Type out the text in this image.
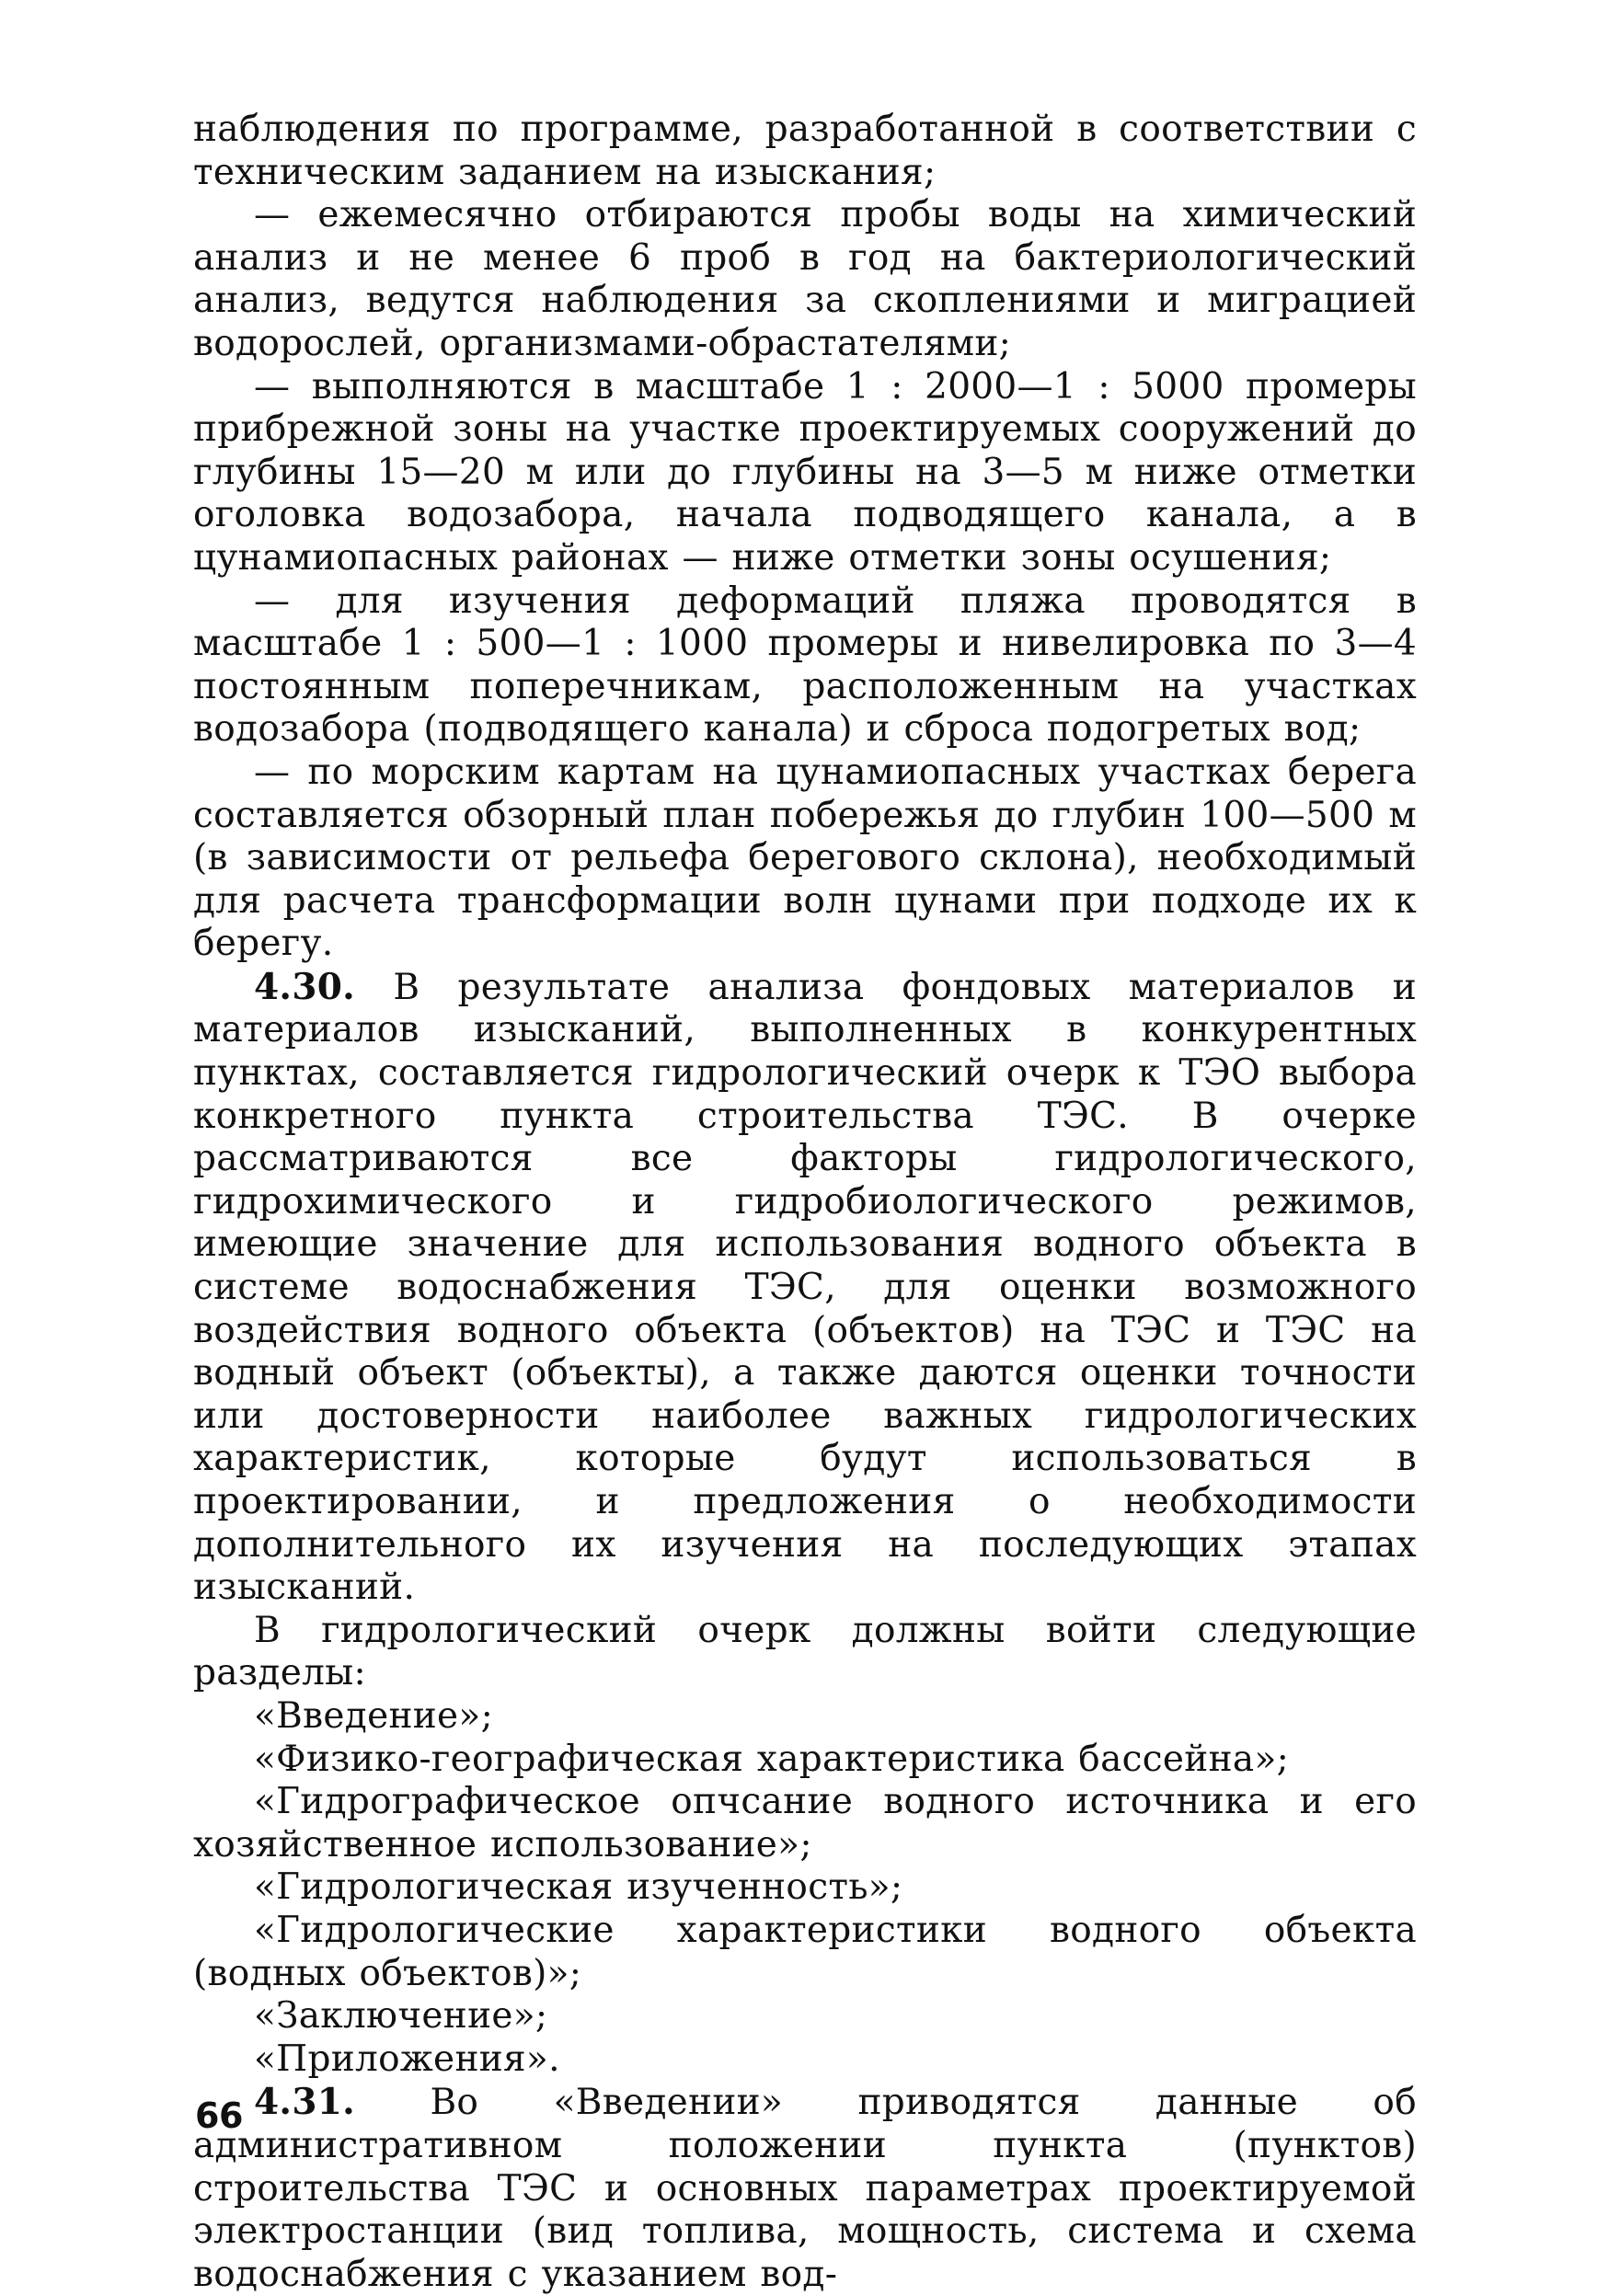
наблюдения по программе, разработанной в соответствии с техническим заданием на изыскания;

— ежемесячно отбираются пробы воды на химический анализ и не менее 6 проб в год на бактериологический анализ, ведутся наблюдения за скоплениями и миграцией водорослей, организмами-обрастателями;

— выполняются в масштабе 1 : 2000—1 : 5000 промеры прибрежной зоны на участке проектируемых сооружений до глубины 15—20 м или до глубины на 3—5 м ниже отметки оголовка водозабора, начала подводящего канала, а в цунамиопасных районах — ниже отметки зоны осушения;

— для изучения деформаций пляжа проводятся в масштабе 1 : 500—1 : 1000 промеры и нивелировка по 3—4 постоянным поперечникам, расположенным на участках водозабора (подводящего канала) и сброса подогретых вод;

— по морским картам на цунамиопасных участках берега составляется обзорный план побережья до глубин 100—500 м (в зависимости от рельефа берегового склона), необходимый для расчета трансформации волн цунами при подходе их к берегу.

4.30. В результате анализа фондовых материалов и материалов изысканий, выполненных в конкурентных пунктах, составляется гидрологический очерк к ТЭО выбора конкретного пункта строительства ТЭС. В очерке рассматриваются все факторы гидрологического, гидрохимического и гидробиологического режимов, имеющие значение для использования водного объекта в системе водоснабжения ТЭС, для оценки возможного воздействия водного объекта (объектов) на ТЭС и ТЭС на водный объект (объекты), а также даются оценки точности или достоверности наиболее важных гидрологических характеристик, которые будут использоваться в проектировании, и предложения о необходимости дополнительного их изучения на последующих этапах изысканий.

В гидрологический очерк должны войти следующие разделы:

«Введение»;

«Физико-географическая характеристика бассейна»;

«Гидрографическое опчсание водного источника и его хозяйственное использование»;

«Гидрологическая изученность»;

«Гидрологические характеристики водного объекта (водных объектов)»;

«Заключение»;

«Приложения».

4.31. Во «Введении» приводятся данные об административном положении пункта (пунктов) строительства ТЭС и основных параметрах проектируемой электростанции (вид топлива, мощность, система и схема водоснабжения с указанием вод-

66
